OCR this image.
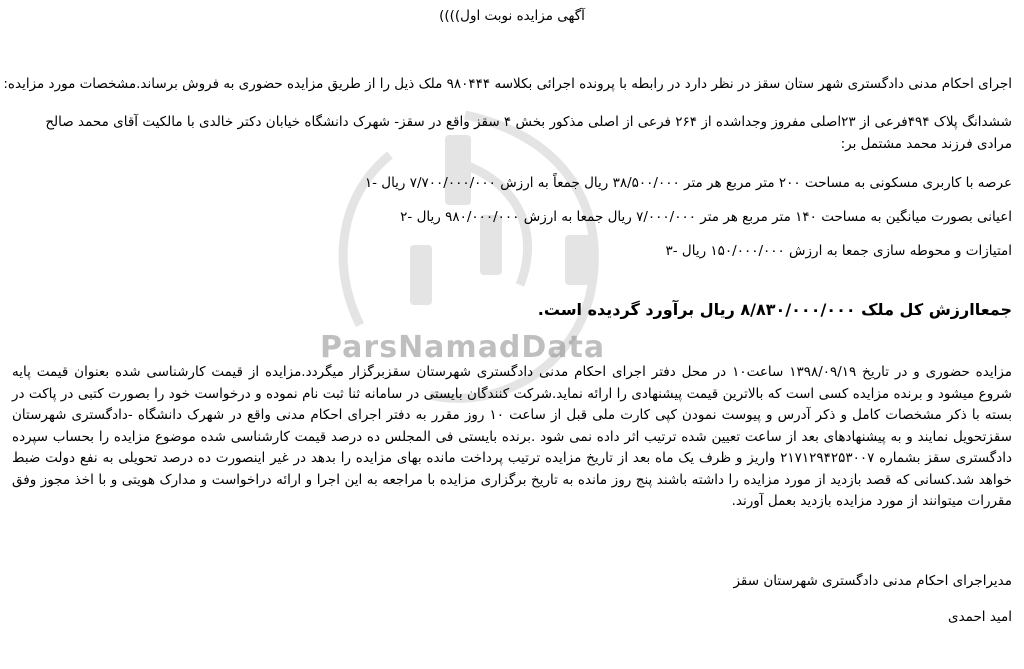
ParsNamadData
آگهی مزایده نوبت اول))))
اجرای احکام مدنی دادگستری شهر ستان سقز در نظر دارد در رابطه با پرونده اجرائی بکلاسه ۹۸۰۴۴۴ ملک ذیل را از طریق مزایده حضوری به فروش برساند.مشخصات مورد مزایده:
ششدانگ پلاک ۴۹۴فرعی از ۲۳اصلی مفروز وجداشده از ۲۶۴ فرعی از اصلی مذکور بخش ۴ سقز واقع در سقز- شهرک دانشگاه خیابان دکتر خالدی با مالکیت آقای محمد صالح
مرادی فرزند محمد مشتمل بر:
عرصه با کاربری مسکونی به مساحت ۲۰۰ متر مربع هر متر ۳۸/۵۰۰/۰۰۰ ریال جمعاً به ارزش ۷/۷۰۰/۰۰۰/۰۰۰ ریال -۱
اعیانی بصورت میانگین به مساحت ۱۴۰ متر مربع هر متر ۷/۰۰۰/۰۰۰ ریال جمعا به ارزش ۹۸۰/۰۰۰/۰۰۰ ریال -۲
امتیازات و محوطه سازی جمعا به ارزش ۱۵۰/۰۰۰/۰۰۰ ریال -۳
جمعاارزش کل ملک ۸/۸۳۰/۰۰۰/۰۰۰ ریال برآورد گردیده است.
مزایده حضوری و در تاریخ ۱۳۹۸/۰۹/۱۹ ساعت۱۰ در محل دفتر اجرای احکام مدنی دادگستری شهرستان سقزبرگزار میگردد.مزایده از قیمت کارشناسی شده بعنوان قیمت پایه شروع میشود و برنده مزایده کسی است که بالاترین قیمت پیشنهادی را ارائه نماید.شرکت کنندگان بایستی در سامانه ثنا ثبت نام نموده و درخواست خود را بصورت کتبی در پاکت در بسته با ذکر مشخصات کامل و ذکر آدرس و پیوست نمودن کپی کارت ملی قبل از ساعت ۱۰ روز مقرر به دفتر اجرای احکام مدنی واقع در شهرک دانشگاه -دادگستری شهرستان سقزتحویل نمایند و به پیشنهادهای بعد از ساعت تعیین شده ترتیب اثر داده نمی شود .برنده بایستی فی المجلس ده درصد قیمت کارشناسی شده موضوع مزایده را بحساب سپرده دادگستری سقز بشماره ۲۱۷۱۲۹۴۲۵۳۰۰۷ واریز و ظرف یک ماه بعد از تاریخ مزایده ترتیب پرداخت مانده بهای مزایده را بدهد در غیر اینصورت ده درصد تحویلی به نفع دولت ضبط خواهد شد.کسانی که قصد بازدید از مورد مزایده را داشته باشند پنج روز مانده به تاریخ برگزاری مزایده با مراجعه به این اجرا و ارائه دراخواست و مدارک هویتی و با اخذ مجوز وفق مقررات میتوانند از مورد مزایده بازدید بعمل آورند.
مدیراجرای احکام مدنی دادگستری شهرستان سقز
امید احمدی
